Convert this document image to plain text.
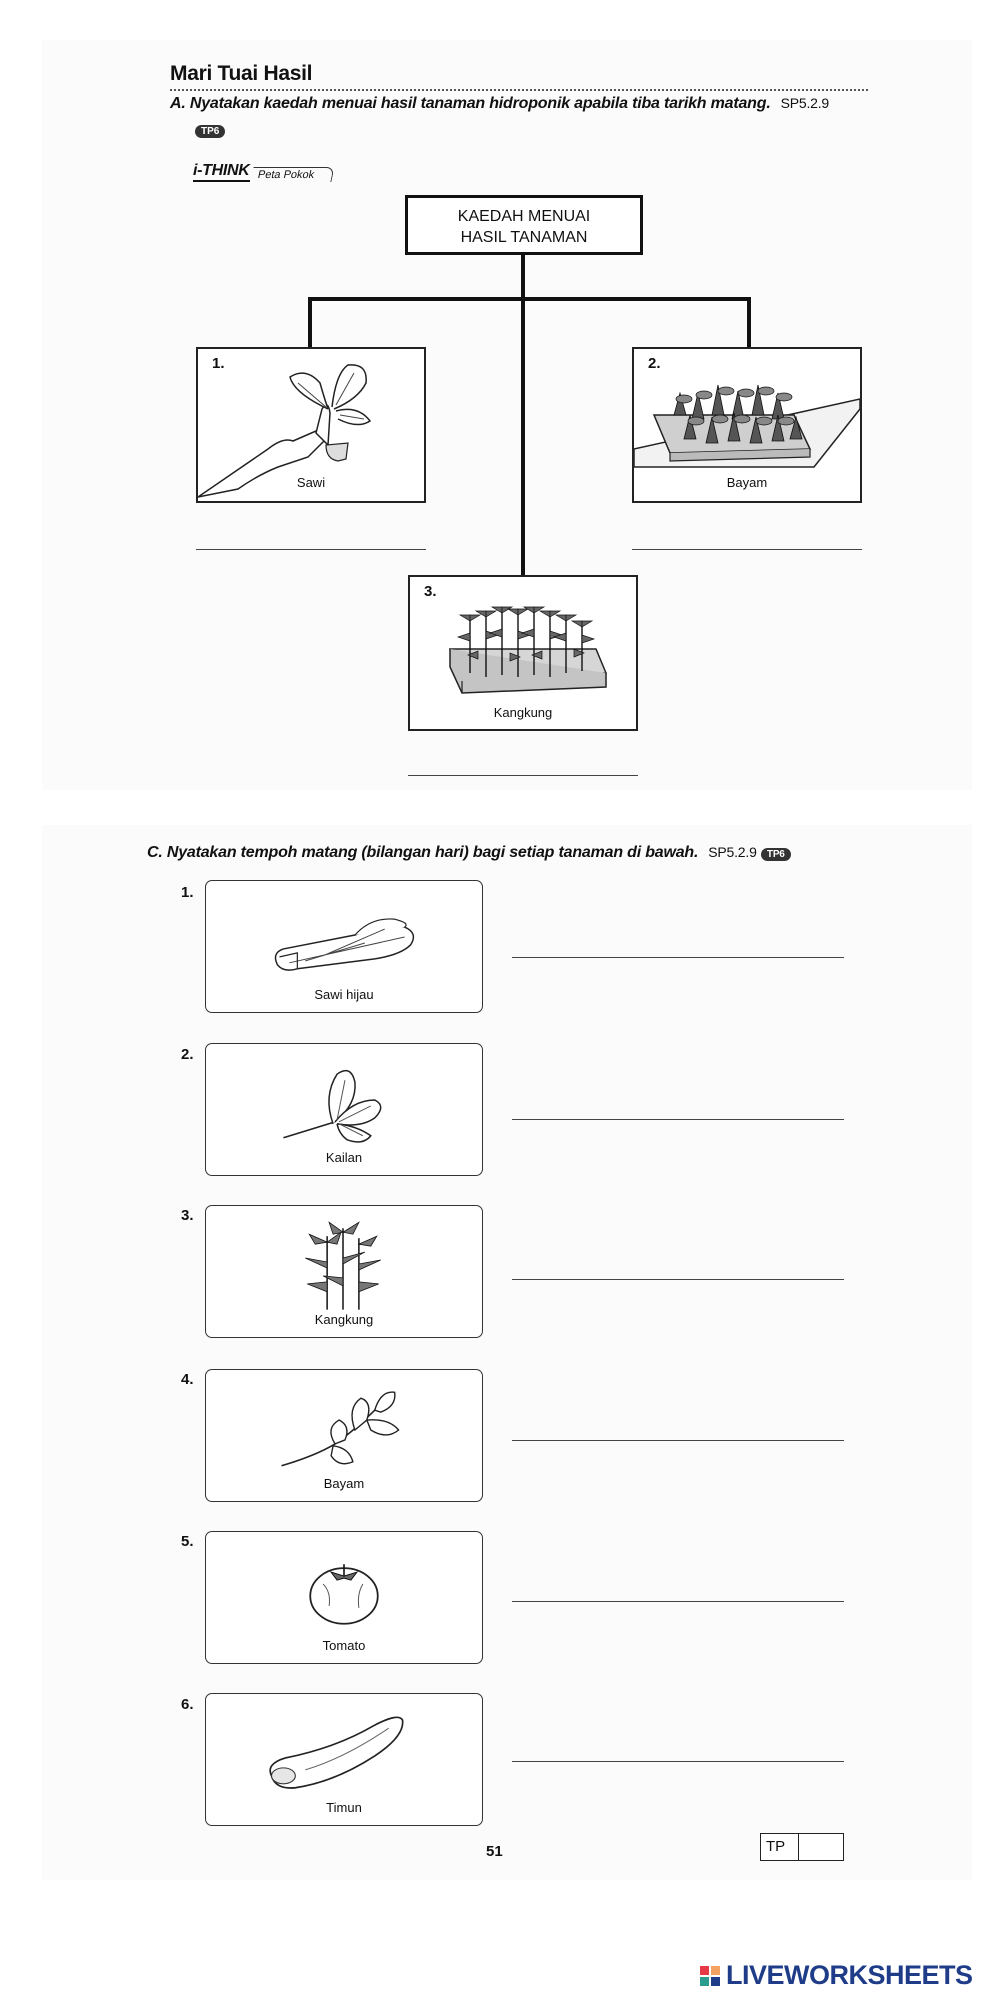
Mari Tuai Hasil
A. Nyatakan kaedah menuai hasil tanaman hidroponik apabila tiba tarikh matang. SP5.2.9
TP6
i-THINK Peta Pokok
KAEDAH MENUAI
HASIL TANAMAN
1.
Sawi
2.
Bayam
3.
Kangkung
C. Nyatakan tempoh matang (bilangan hari) bagi setiap tanaman di bawah. SP5.2.9 TP6
1.
Sawi hijau
2.
Kailan
3.
Kangkung
4.
Bayam
5.
Tomato
6.
Timun
51	TP
LIVEWORKSHEETS
